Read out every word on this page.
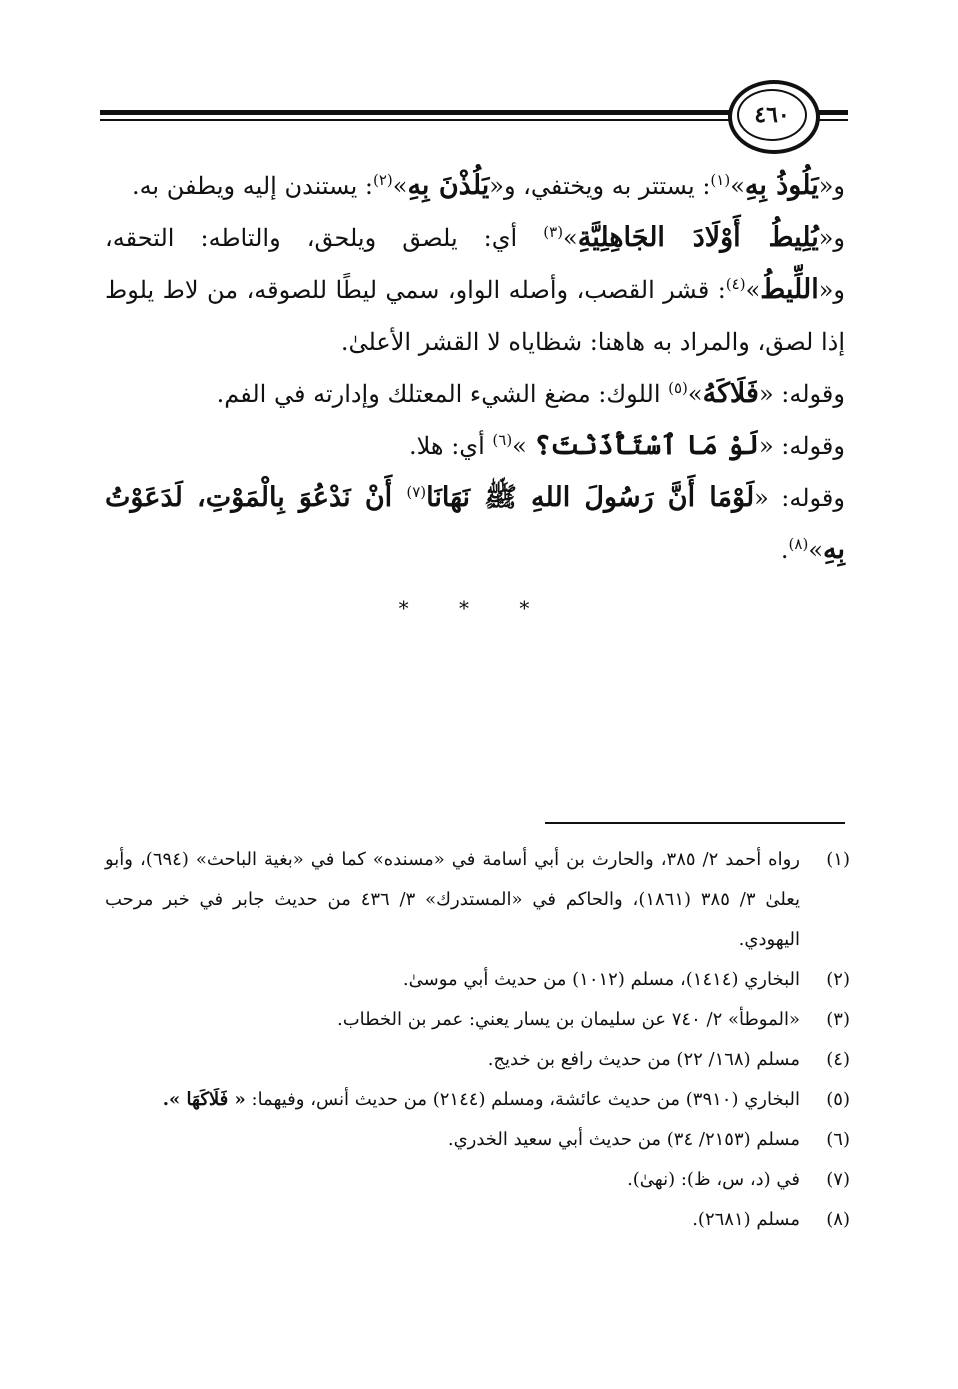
٤٦٠

و«يَلُوذُ بِهِ»$^{(١)}$: يستتر به ويختفي، و«يَلُذْنَ بِهِ»$^{(٢)}$: يستندن إليه ويطفن به.

و«يُلِيطُ أَوْلَادَ الجَاهِلِيَّةِ»$^{(٣)}$ أي: يلصق ويلحق، والتاطه: التحقه، و«اللِّيطُ»$^{(٤)}$: قشر القصب، وأصله الواو، سمي ليطًا للصوقه، من لاط يلوط إذا لصق، والمراد به هاهنا: شظاياه لا القشر الأعلىٰ.

وقوله: «فَلَاكَهُ»$^{(٥)}$ اللوك: مضغ الشيء المعتلك وإدارته في الفم.

وقوله: «لَوْ مَا ٱسْتَأْذَنْتَ؟ »$^{(٦)}$ أي: هلا.

وقوله: «لَوْمَا أَنَّ رَسُولَ اللهِ ﷺ نَهَانَا$^{(٧)}$ أَنْ نَدْعُوَ بِالْمَوْتِ، لَدَعَوْتُ بِهِ»$^{(٨)}$.

* * *
(١)
رواه أحمد ٢/ ٣٨٥، والحارث بن أبي أسامة في «مسنده» كما في «بغية الباحث» (٦٩٤)، وأبو يعلىٰ ٣/ ٣٨٥ (١٨٦١)، والحاكم في «المستدرك» ٣/ ٤٣٦ من حديث جابر في خبر مرحب اليهودي.
(٢)
البخاري (١٤١٤)، مسلم (١٠١٢) من حديث أبي موسىٰ.
(٣)
«الموطأ» ٢/ ٧٤٠ عن سليمان بن يسار يعني: عمر بن الخطاب.
(٤)
مسلم (١٦٨/ ٢٢) من حديث رافع بن خديج.
(٥)
البخاري (٣٩١٠) من حديث عائشة، ومسلم (٢١٤٤) من حديث أنس، وفيهما: « فَلَاكَهَا ».
(٦)
مسلم (٢١٥٣/ ٣٤) من حديث أبي سعيد الخدري.
(٧)
في (د، س، ظ): (نهىٰ).
(٨)
مسلم (٢٦٨١).
